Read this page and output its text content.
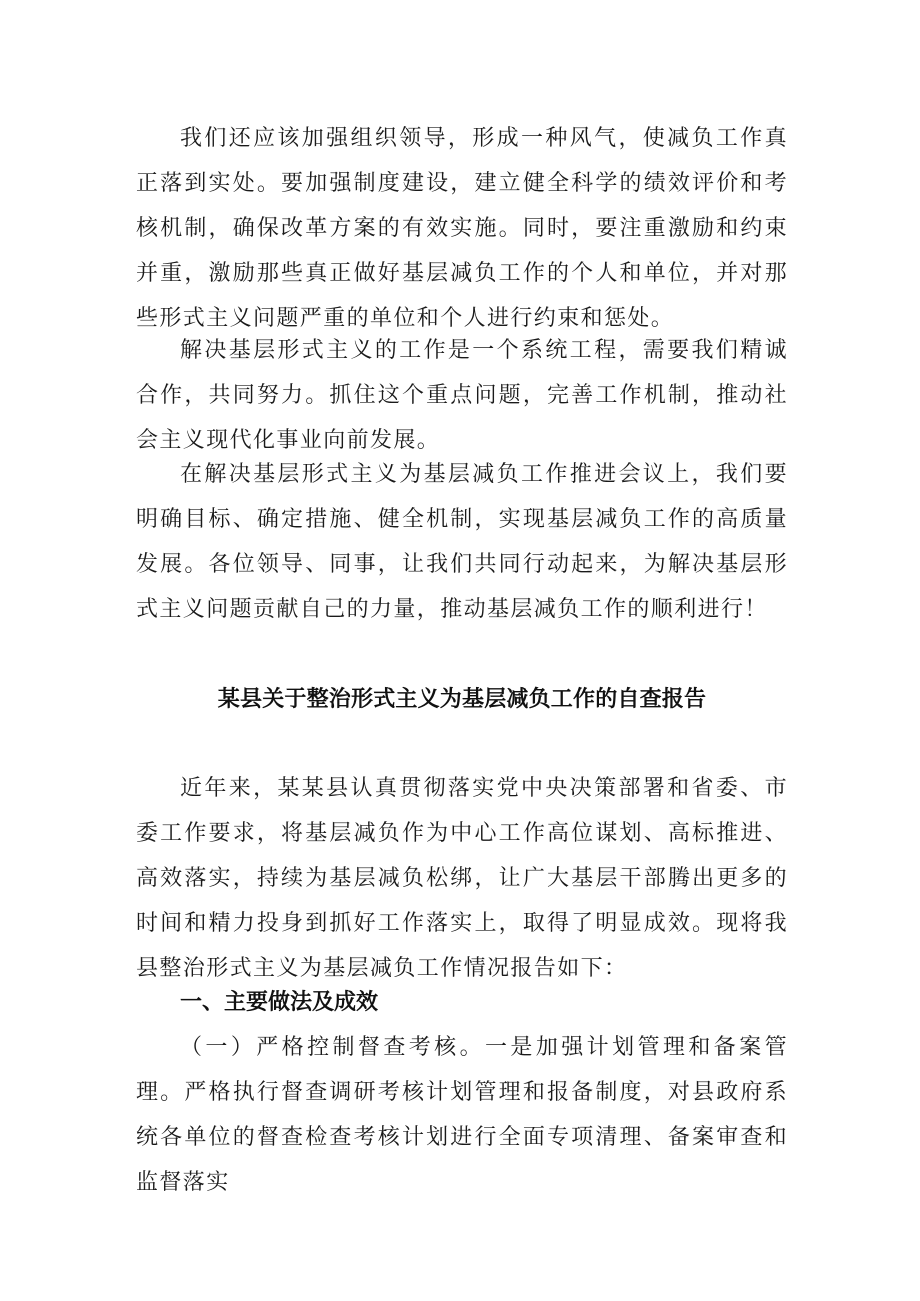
我们还应该加强组织领导，形成一种风气，使减负工作真正落到实处。要加强制度建设，建立健全科学的绩效评价和考核机制，确保改革方案的有效实施。同时，要注重激励和约束并重，激励那些真正做好基层减负工作的个人和单位，并对那些形式主义问题严重的单位和个人进行约束和惩处。

解决基层形式主义的工作是一个系统工程，需要我们精诚合作，共同努力。抓住这个重点问题，完善工作机制，推动社会主义现代化事业向前发展。

在解决基层形式主义为基层减负工作推进会议上，我们要明确目标、确定措施、健全机制，实现基层减负工作的高质量发展。各位领导、同事，让我们共同行动起来，为解决基层形式主义问题贡献自己的力量，推动基层减负工作的顺利进行！

某县关于整治形式主义为基层减负工作的自查报告

近年来，某某县认真贯彻落实党中央决策部署和省委、市委工作要求，将基层减负作为中心工作高位谋划、高标推进、高效落实，持续为基层减负松绑，让广大基层干部腾出更多的时间和精力投身到抓好工作落实上，取得了明显成效。现将我县整治形式主义为基层减负工作情况报告如下：

一、主要做法及成效

（一）严格控制督查考核。一是加强计划管理和备案管理。严格执行督查调研考核计划管理和报备制度，对县政府系统各单位的督查检查考核计划进行全面专项清理、备案审查和监督落实
